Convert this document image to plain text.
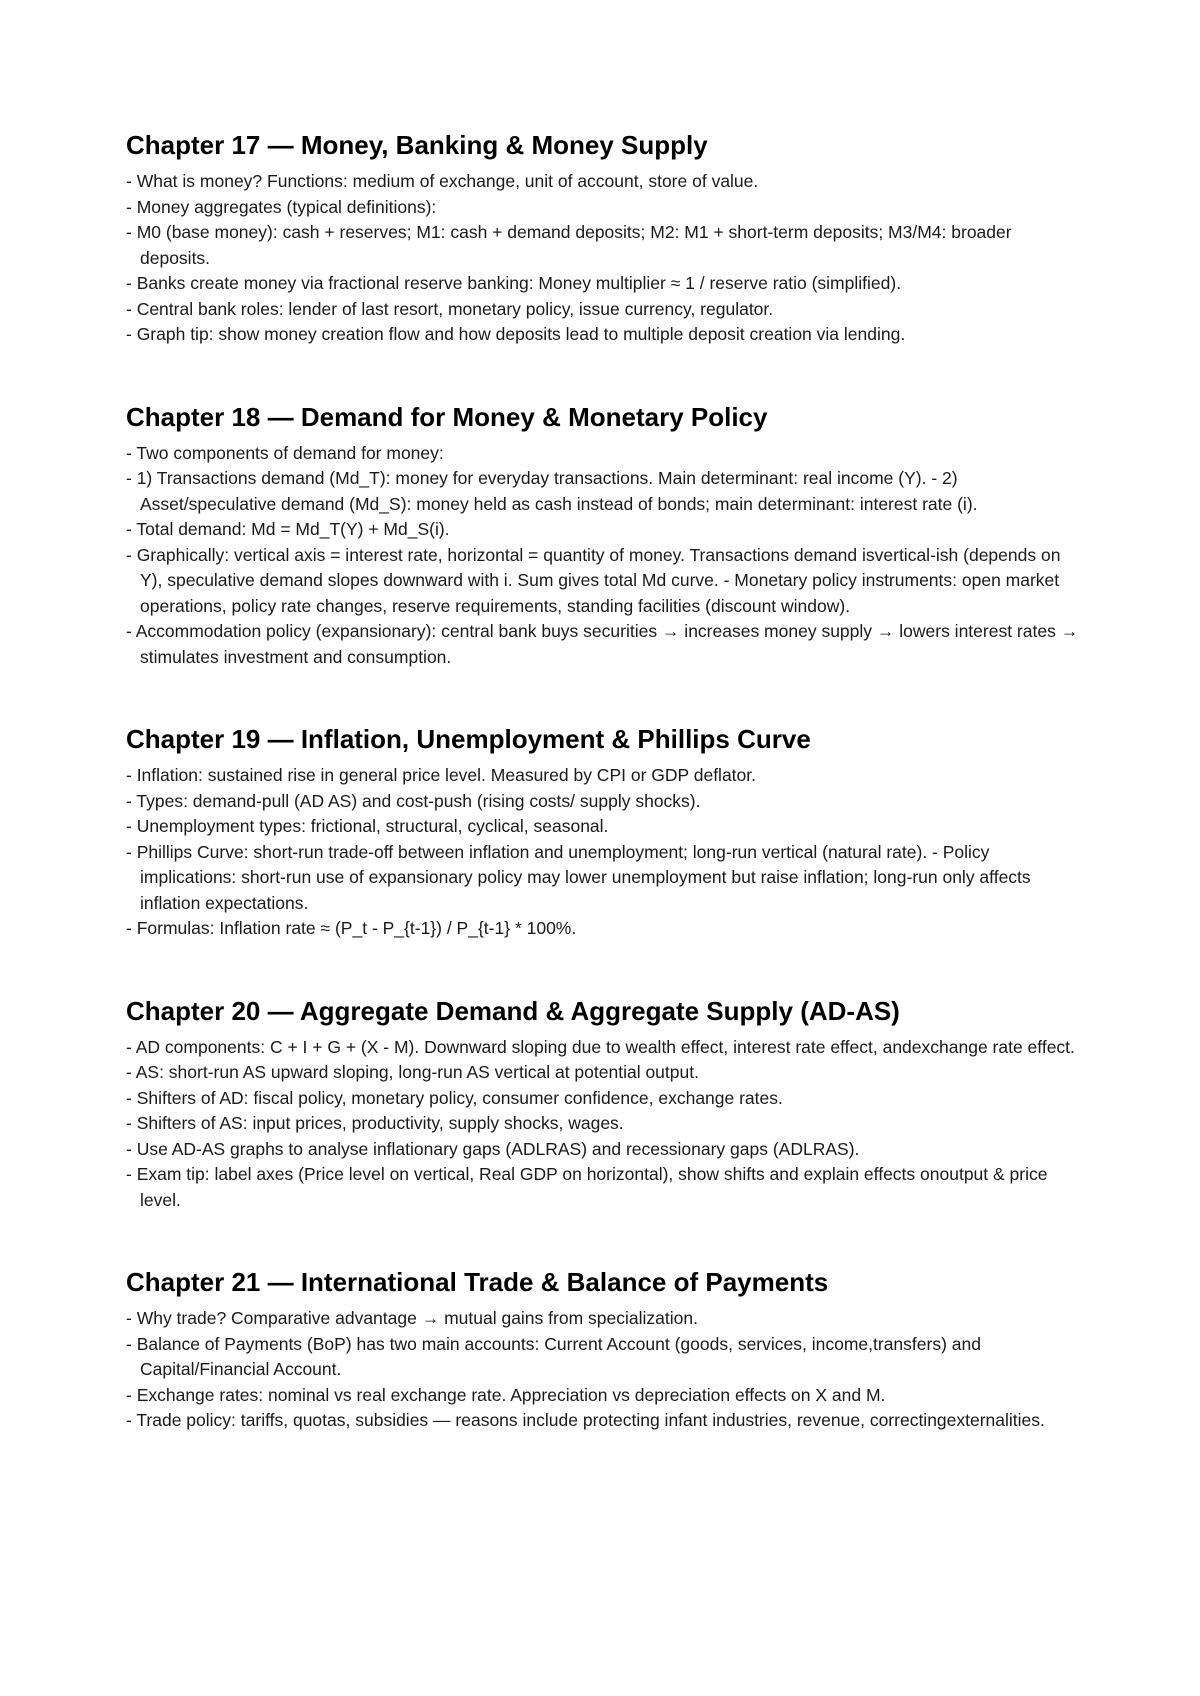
Chapter 17 — Money, Banking & Money Supply
- What is money? Functions: medium of exchange, unit of account, store of value.
- Money aggregates (typical definitions):
- M0 (base money): cash + reserves; M1: cash + demand deposits; M2: M1 + short-term deposits; M3/M4: broader deposits.
- Banks create money via fractional reserve banking: Money multiplier ≈ 1 / reserve ratio (simplified).
- Central bank roles: lender of last resort, monetary policy, issue currency, regulator.
- Graph tip: show money creation flow and how deposits lead to multiple deposit creation via lending.
Chapter 18 — Demand for Money & Monetary Policy
- Two components of demand for money:
- 1) Transactions demand (Md_T): money for everyday transactions. Main determinant: real income (Y). - 2) Asset/speculative demand (Md_S): money held as cash instead of bonds; main determinant: interest rate (i).
- Total demand: Md = Md_T(Y) + Md_S(i).
- Graphically: vertical axis = interest rate, horizontal = quantity of money. Transactions demand isvertical-ish (depends on Y), speculative demand slopes downward with i. Sum gives total Md curve. - Monetary policy instruments: open market operations, policy rate changes, reserve requirements, standing facilities (discount window).
- Accommodation policy (expansionary): central bank buys securities → increases money supply → lowers interest rates → stimulates investment and consumption.
Chapter 19 — Inflation, Unemployment & Phillips Curve
- Inflation: sustained rise in general price level. Measured by CPI or GDP deflator.
- Types: demand-pull (AD AS) and cost-push (rising costs/ supply shocks).
- Unemployment types: frictional, structural, cyclical, seasonal.
- Phillips Curve: short-run trade-off between inflation and unemployment; long-run vertical (natural rate). - Policy implications: short-run use of expansionary policy may lower unemployment but raise inflation; long-run only affects inflation expectations.
- Formulas: Inflation rate ≈ (P_t - P_{t-1}) / P_{t-1} * 100%.
Chapter 20 — Aggregate Demand & Aggregate Supply (AD-AS)
- AD components: C + I + G + (X - M). Downward sloping due to wealth effect, interest rate effect, andexchange rate effect.
- AS: short-run AS upward sloping, long-run AS vertical at potential output.
- Shifters of AD: fiscal policy, monetary policy, consumer confidence, exchange rates.
- Shifters of AS: input prices, productivity, supply shocks, wages.
- Use AD-AS graphs to analyse inflationary gaps (ADLRAS) and recessionary gaps (ADLRAS).
- Exam tip: label axes (Price level on vertical, Real GDP on horizontal), show shifts and explain effects onoutput & price level.
Chapter 21 — International Trade & Balance of Payments
- Why trade? Comparative advantage → mutual gains from specialization.
- Balance of Payments (BoP) has two main accounts: Current Account (goods, services, income,transfers) and Capital/Financial Account.
- Exchange rates: nominal vs real exchange rate. Appreciation vs depreciation effects on X and M.
- Trade policy: tariffs, quotas, subsidies — reasons include protecting infant industries, revenue, correctingexternalities.
